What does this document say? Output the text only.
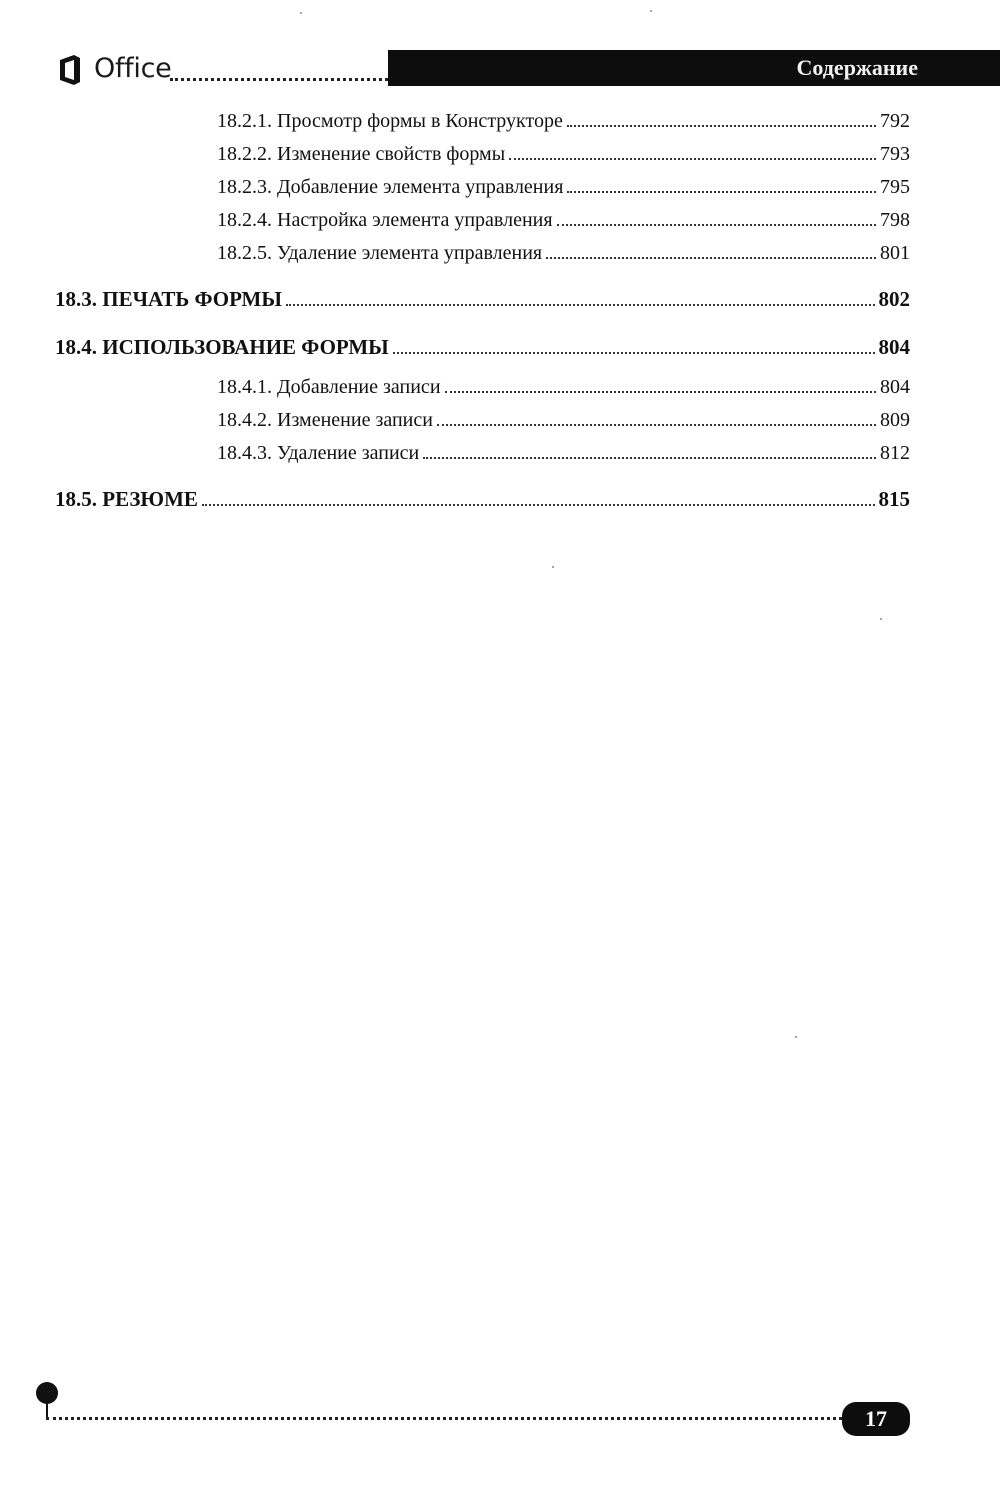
Office	Содержание
18.2.1. Просмотр формы в Конструкторе	792
18.2.2. Изменение свойств формы	793
18.2.3. Добавление элемента управления	795
18.2.4. Настройка элемента управления	798
18.2.5. Удаление элемента управления	801
18.3. ПЕЧАТЬ ФОРМЫ	802
18.4. ИСПОЛЬЗОВАНИЕ ФОРМЫ	804
18.4.1. Добавление записи	804
18.4.2. Изменение записи	809
18.4.3. Удаление записи	812
18.5. РЕЗЮМЕ	815
17
